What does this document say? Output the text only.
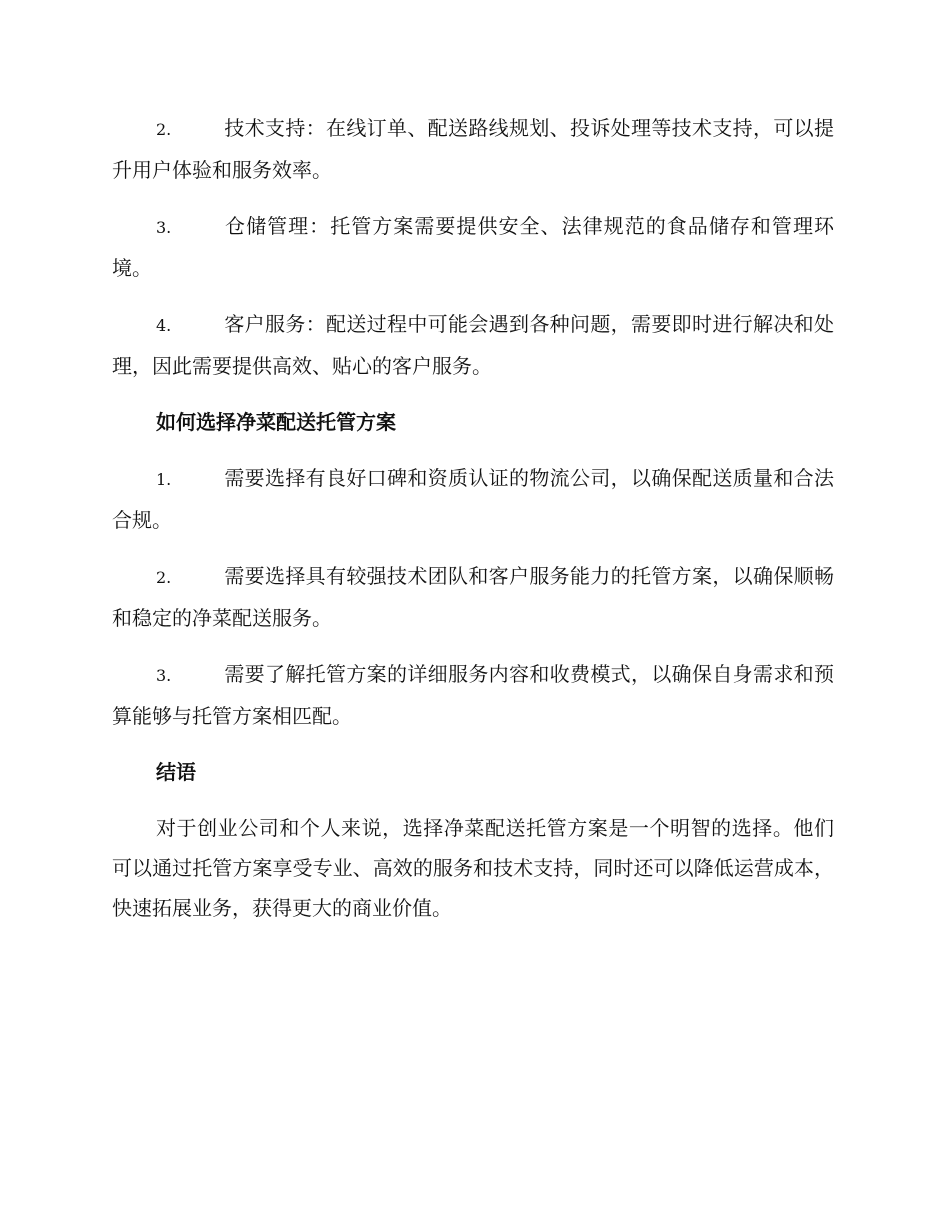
2.	技术支持：在线订单、配送路线规划、投诉处理等技术支持，可以提升用户体验和服务效率。

3.	仓储管理：托管方案需要提供安全、法律规范的食品储存和管理环境。

4.	客户服务：配送过程中可能会遇到各种问题，需要即时进行解决和处理，因此需要提供高效、贴心的客户服务。

如何选择净菜配送托管方案

1.	需要选择有良好口碑和资质认证的物流公司，以确保配送质量和合法合规。

2.	需要选择具有较强技术团队和客户服务能力的托管方案，以确保顺畅和稳定的净菜配送服务。

3.	需要了解托管方案的详细服务内容和收费模式，以确保自身需求和预算能够与托管方案相匹配。

结语

对于创业公司和个人来说，选择净菜配送托管方案是一个明智的选择。他们可以通过托管方案享受专业、高效的服务和技术支持，同时还可以降低运营成本，快速拓展业务，获得更大的商业价值。
